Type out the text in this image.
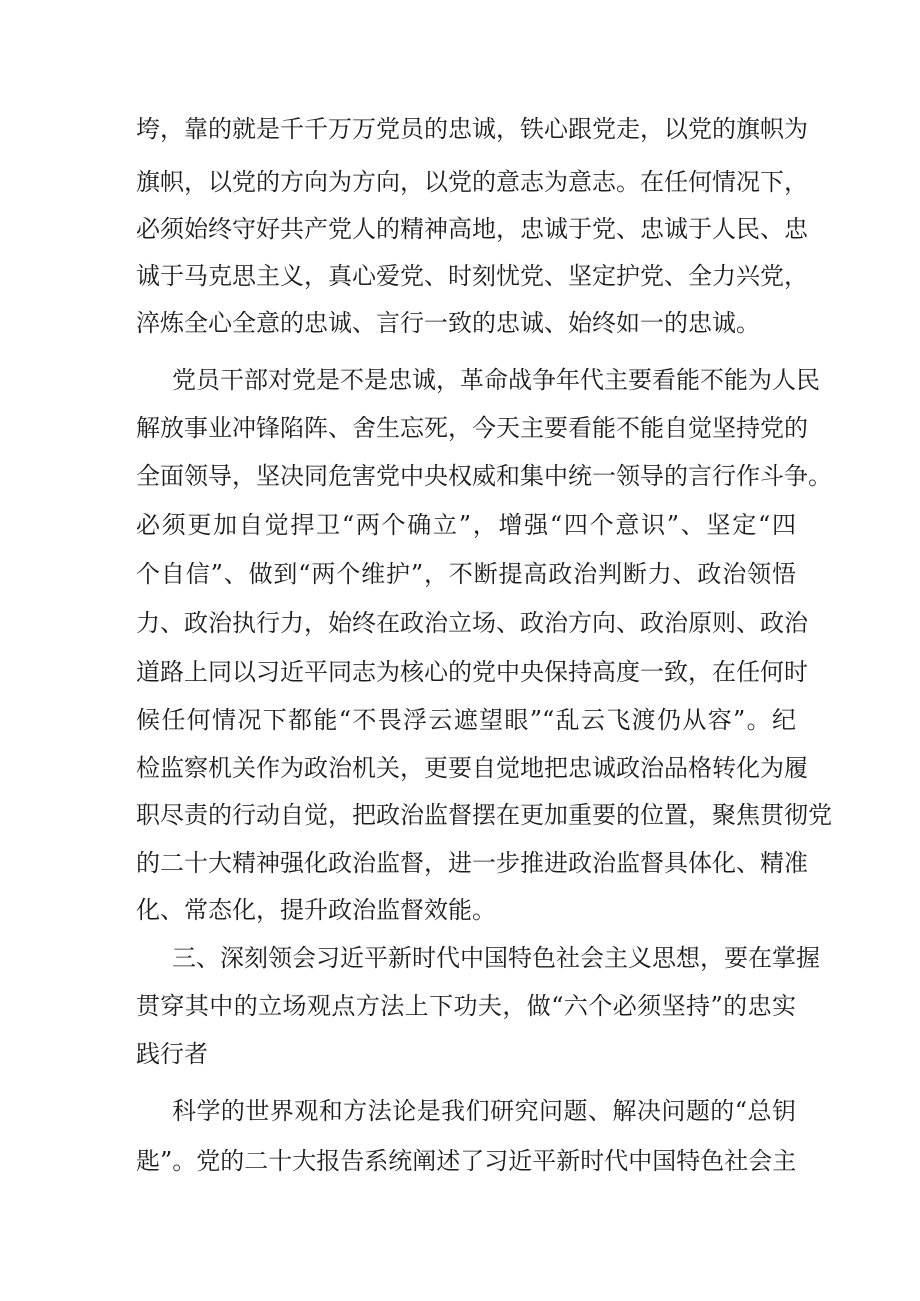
垮，靠的就是千千万万党员的忠诚，铁心跟党走，以党的旗帜为
旗帜，以党的方向为方向，以党的意志为意志。在任何情况下，
必须始终守好共产党人的精神高地，忠诚于党、忠诚于人民、忠
诚于马克思主义，真心爱党、时刻忧党、坚定护党、全力兴党，
淬炼全心全意的忠诚、言行一致的忠诚、始终如一的忠诚。
党员干部对党是不是忠诚，革命战争年代主要看能不能为人民
解放事业冲锋陷阵、舍生忘死，今天主要看能不能自觉坚持党的
全面领导，坚决同危害党中央权威和集中统一领导的言行作斗争。
必须更加自觉捍卫“两个确立”，增强“四个意识”、坚定“四
个自信”、做到“两个维护”，不断提高政治判断力、政治领悟
力、政治执行力，始终在政治立场、政治方向、政治原则、政治
道路上同以习近平同志为核心的党中央保持高度一致，在任何时
候任何情况下都能“不畏浮云遮望眼”“乱云飞渡仍从容”。纪
检监察机关作为政治机关，更要自觉地把忠诚政治品格转化为履
职尽责的行动自觉，把政治监督摆在更加重要的位置，聚焦贯彻党
的二十大精神强化政治监督，进一步推进政治监督具体化、精准
化、常态化，提升政治监督效能。
三、深刻领会习近平新时代中国特色社会主义思想，要在掌握
贯穿其中的立场观点方法上下功夫，做“六个必须坚持”的忠实
践行者
科学的世界观和方法论是我们研究问题、解决问题的“总钥
匙”。党的二十大报告系统阐述了习近平新时代中国特色社会主
